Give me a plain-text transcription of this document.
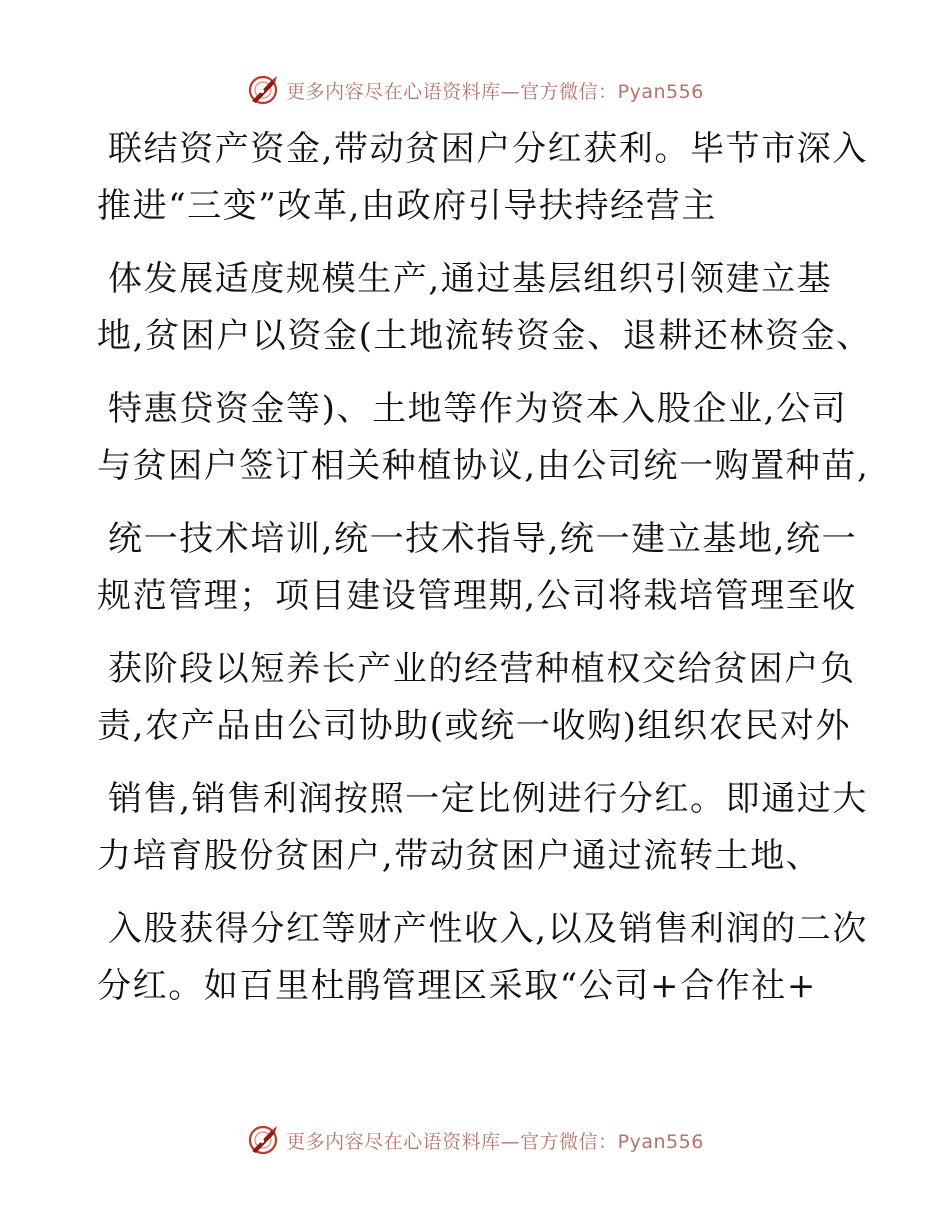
更多内容尽在心语资料库—官方微信：Pyan556
联结资产资金,带动贫困户分红获利。毕节市深入
推进“三变”改革,由政府引导扶持经营主
体发展适度规模生产,通过基层组织引领建立基
地,贫困户以资金(土地流转资金、退耕还林资金、
特惠贷资金等)、土地等作为资本入股企业,公司
与贫困户签订相关种植协议,由公司统一购置种苗,
统一技术培训,统一技术指导,统一建立基地,统一
规范管理；项目建设管理期,公司将栽培管理至收
获阶段以短养长产业的经营种植权交给贫困户负
责,农产品由公司协助(或统一收购)组织农民对外
销售,销售利润按照一定比例进行分红。即通过大
力培育股份贫困户,带动贫困户通过流转土地、
入股获得分红等财产性收入,以及销售利润的二次
分红。如百里杜鹃管理区采取“公司+合作社+
更多内容尽在心语资料库—官方微信：Pyan556
